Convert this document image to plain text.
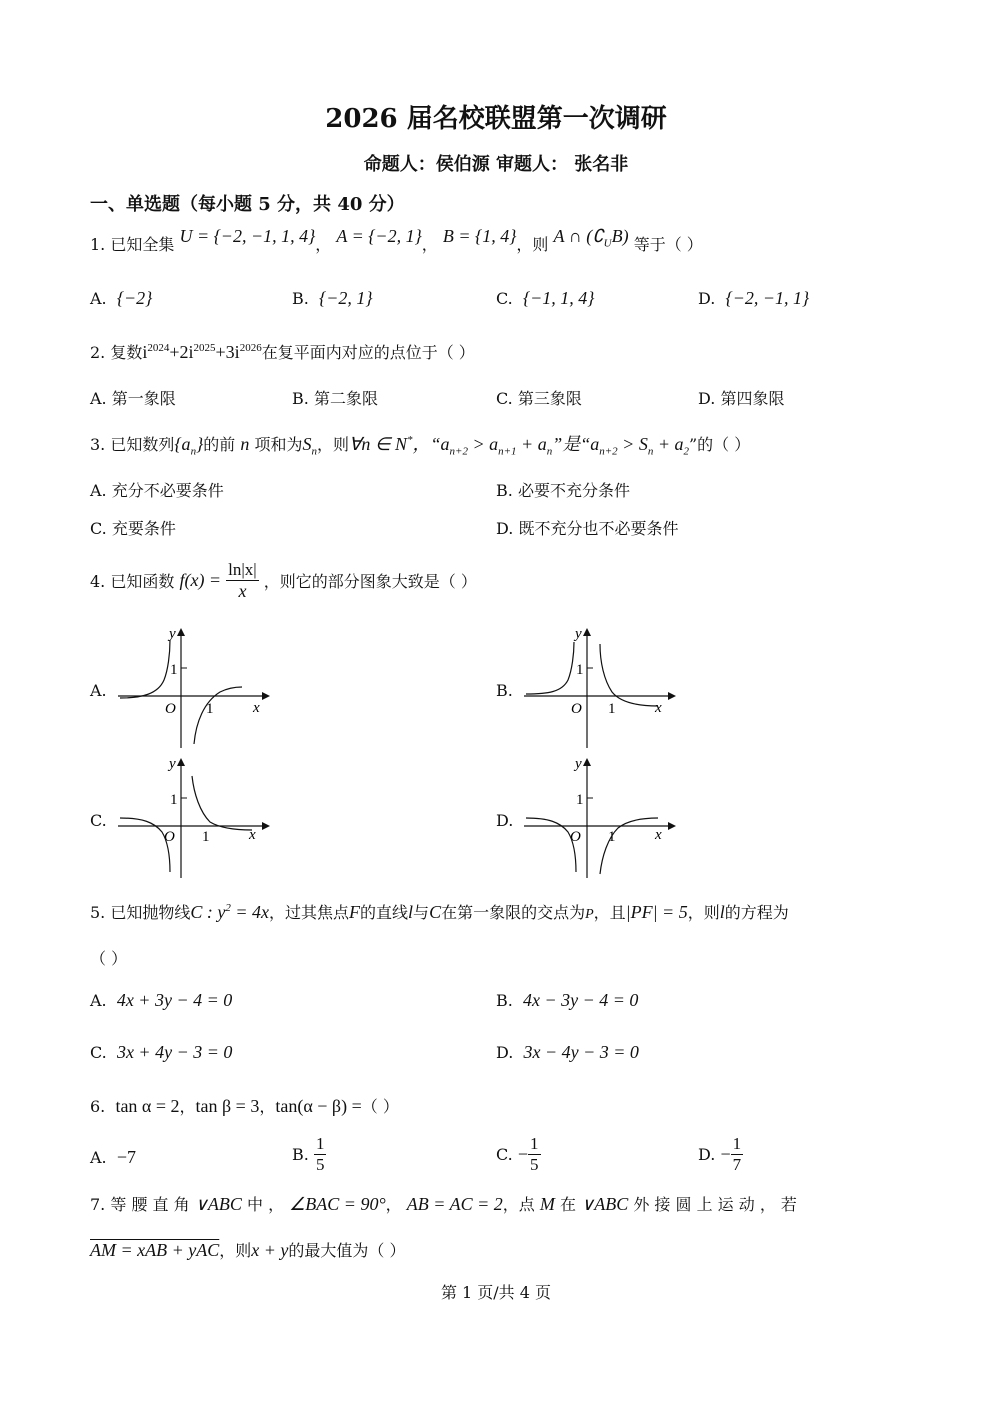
2026 届名校联盟第一次调研
命题人：侯伯源 审题人： 张名非
一、单选题（每小题 5 分，共 40 分）
1. 已知全集 U = {−2, −1, 1, 4}， A = {−2, 1}， B = {1, 4}，则 A ∩ $(∁_UB)$ 等于（ ）
A. {−2}	B. {−2, 1}	C. {−1, 1, 4}	D. {−2, −1, 1}
2. 复数$i^{2024}+2i^{2025}+3i^{2026}$在复平面内对应的点位于（ ）
A. 第一象限	B. 第二象限	C. 第三象限	D. 第四象限
3. 已知数列$\{a_n\}$的前 n 项和为$S_n$，则∀n ∈ N*，“$a_{n+2} > a_{n+1} + a_n$”是“$a_{n+2} > S_n + a_2$”的（ ）
A. 充分不必要条件	B. 必要不充分条件
C. 充要条件	D. 既不充分也不必要条件
4. 已知函数 $f(x) = \frac{\ln|x|}{x}$ ，则它的部分图象大致是（ ）
A.
y
x
O 1
1
B.
y
x
O 1
1
C.
y
x
O 1
1
D.
y
x
O 1
1
5. 已知抛物线C : $y^2 = 4x$，过其焦点F的直线l与C在第一象限的交点为P，且|PF| = 5，则l的方程为
（ ）
A. 4x + 3y − 4 = 0	B. 4x − 3y − 4 = 0
C. 3x + 4y − 3 = 0	D. 3x − 4y − 3 = 0
6. tan α = 2，tan β = 3，tan(α − β) =（ ）
A. −7	B. $\frac{1}{5}$	C. − $\frac{1}{5}$	D. − $\frac{1}{7}$
7. 等 腰 直 角 ∨ABC 中 ， ∠BAC = 90°， AB = AC = 2，点 M 在 ∨ABC 外 接 圆 上 运 动 ， 若
AM = xAB + yAC，则x + y的最大值为（ ）
第 1 页/共 4 页
